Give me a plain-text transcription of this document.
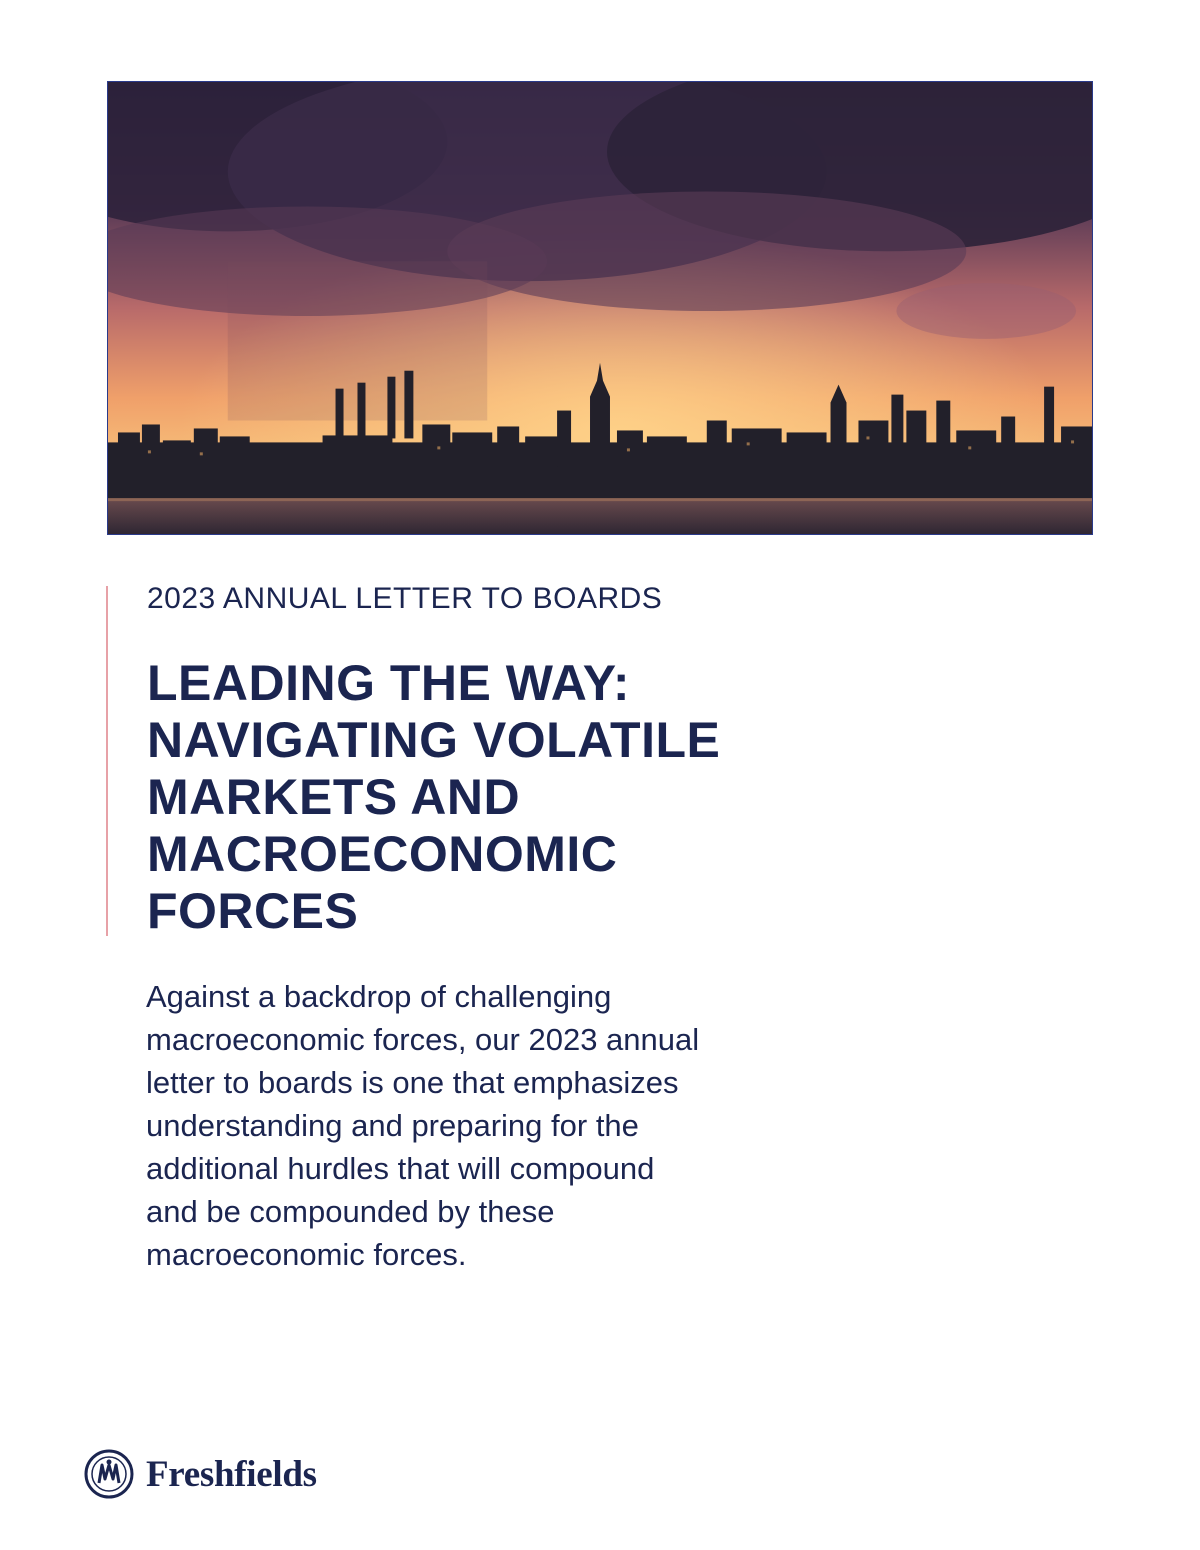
2023 ANNUAL LETTER TO BOARDS
LEADING THE WAY:
NAVIGATING VOLATILE
MARKETS AND
MACROECONOMIC
FORCES

Against a backdrop of challenging
macroeconomic forces, our 2023 annual
letter to boards is one that emphasizes
understanding and preparing for the
additional hurdles that will compound
and be compounded by these
macroeconomic forces.

Freshfields
